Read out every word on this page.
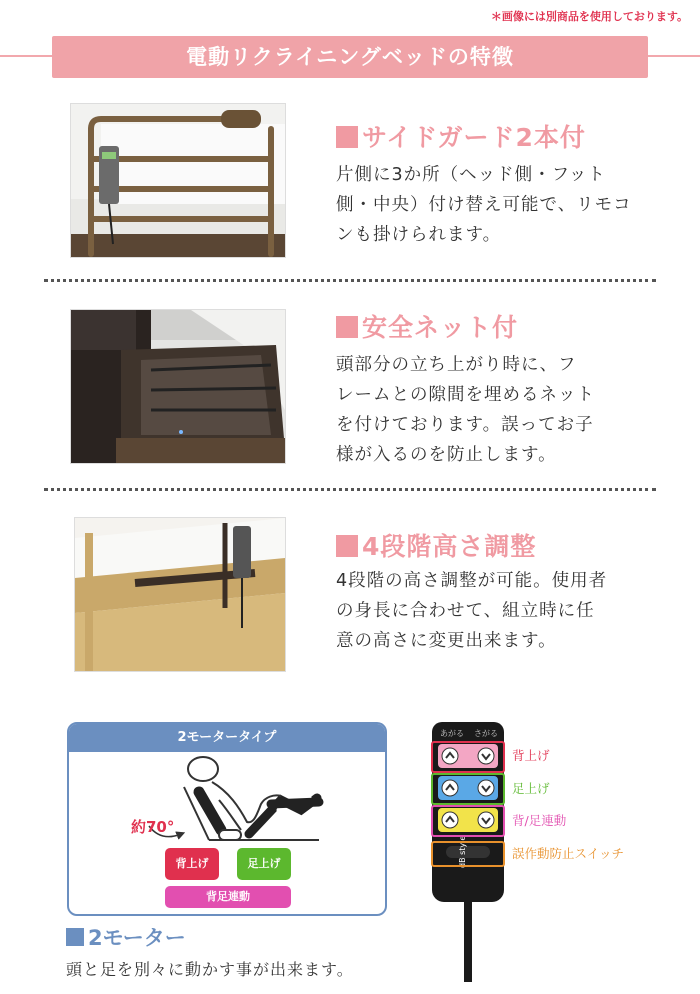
＊画像には別商品を使用しております。
電動リクライニングベッドの特徴
サイドガード2本付
片側に3か所（ヘッド側・フット
側・中央）付け替え可能で、リモコ
ンも掛けられます。
安全ネット付
頭部分の立ち上がり時に、フ
レームとの隙間を埋めるネット
を付けております。誤ってお子
様が入るのを防止します。
4段階高さ調整
4段階の高さ調整が可能。使用者
の身長に合わせて、組立時に任
意の高さに変更出来ます。
2モータータイプ
約70°
背上げ	足上げ
背足連動
2モーター
頭と足を別々に動かす事が出来ます。
あがる さがる
dB style
背上げ
足上げ
背/足連動
誤作動防止スイッチ
